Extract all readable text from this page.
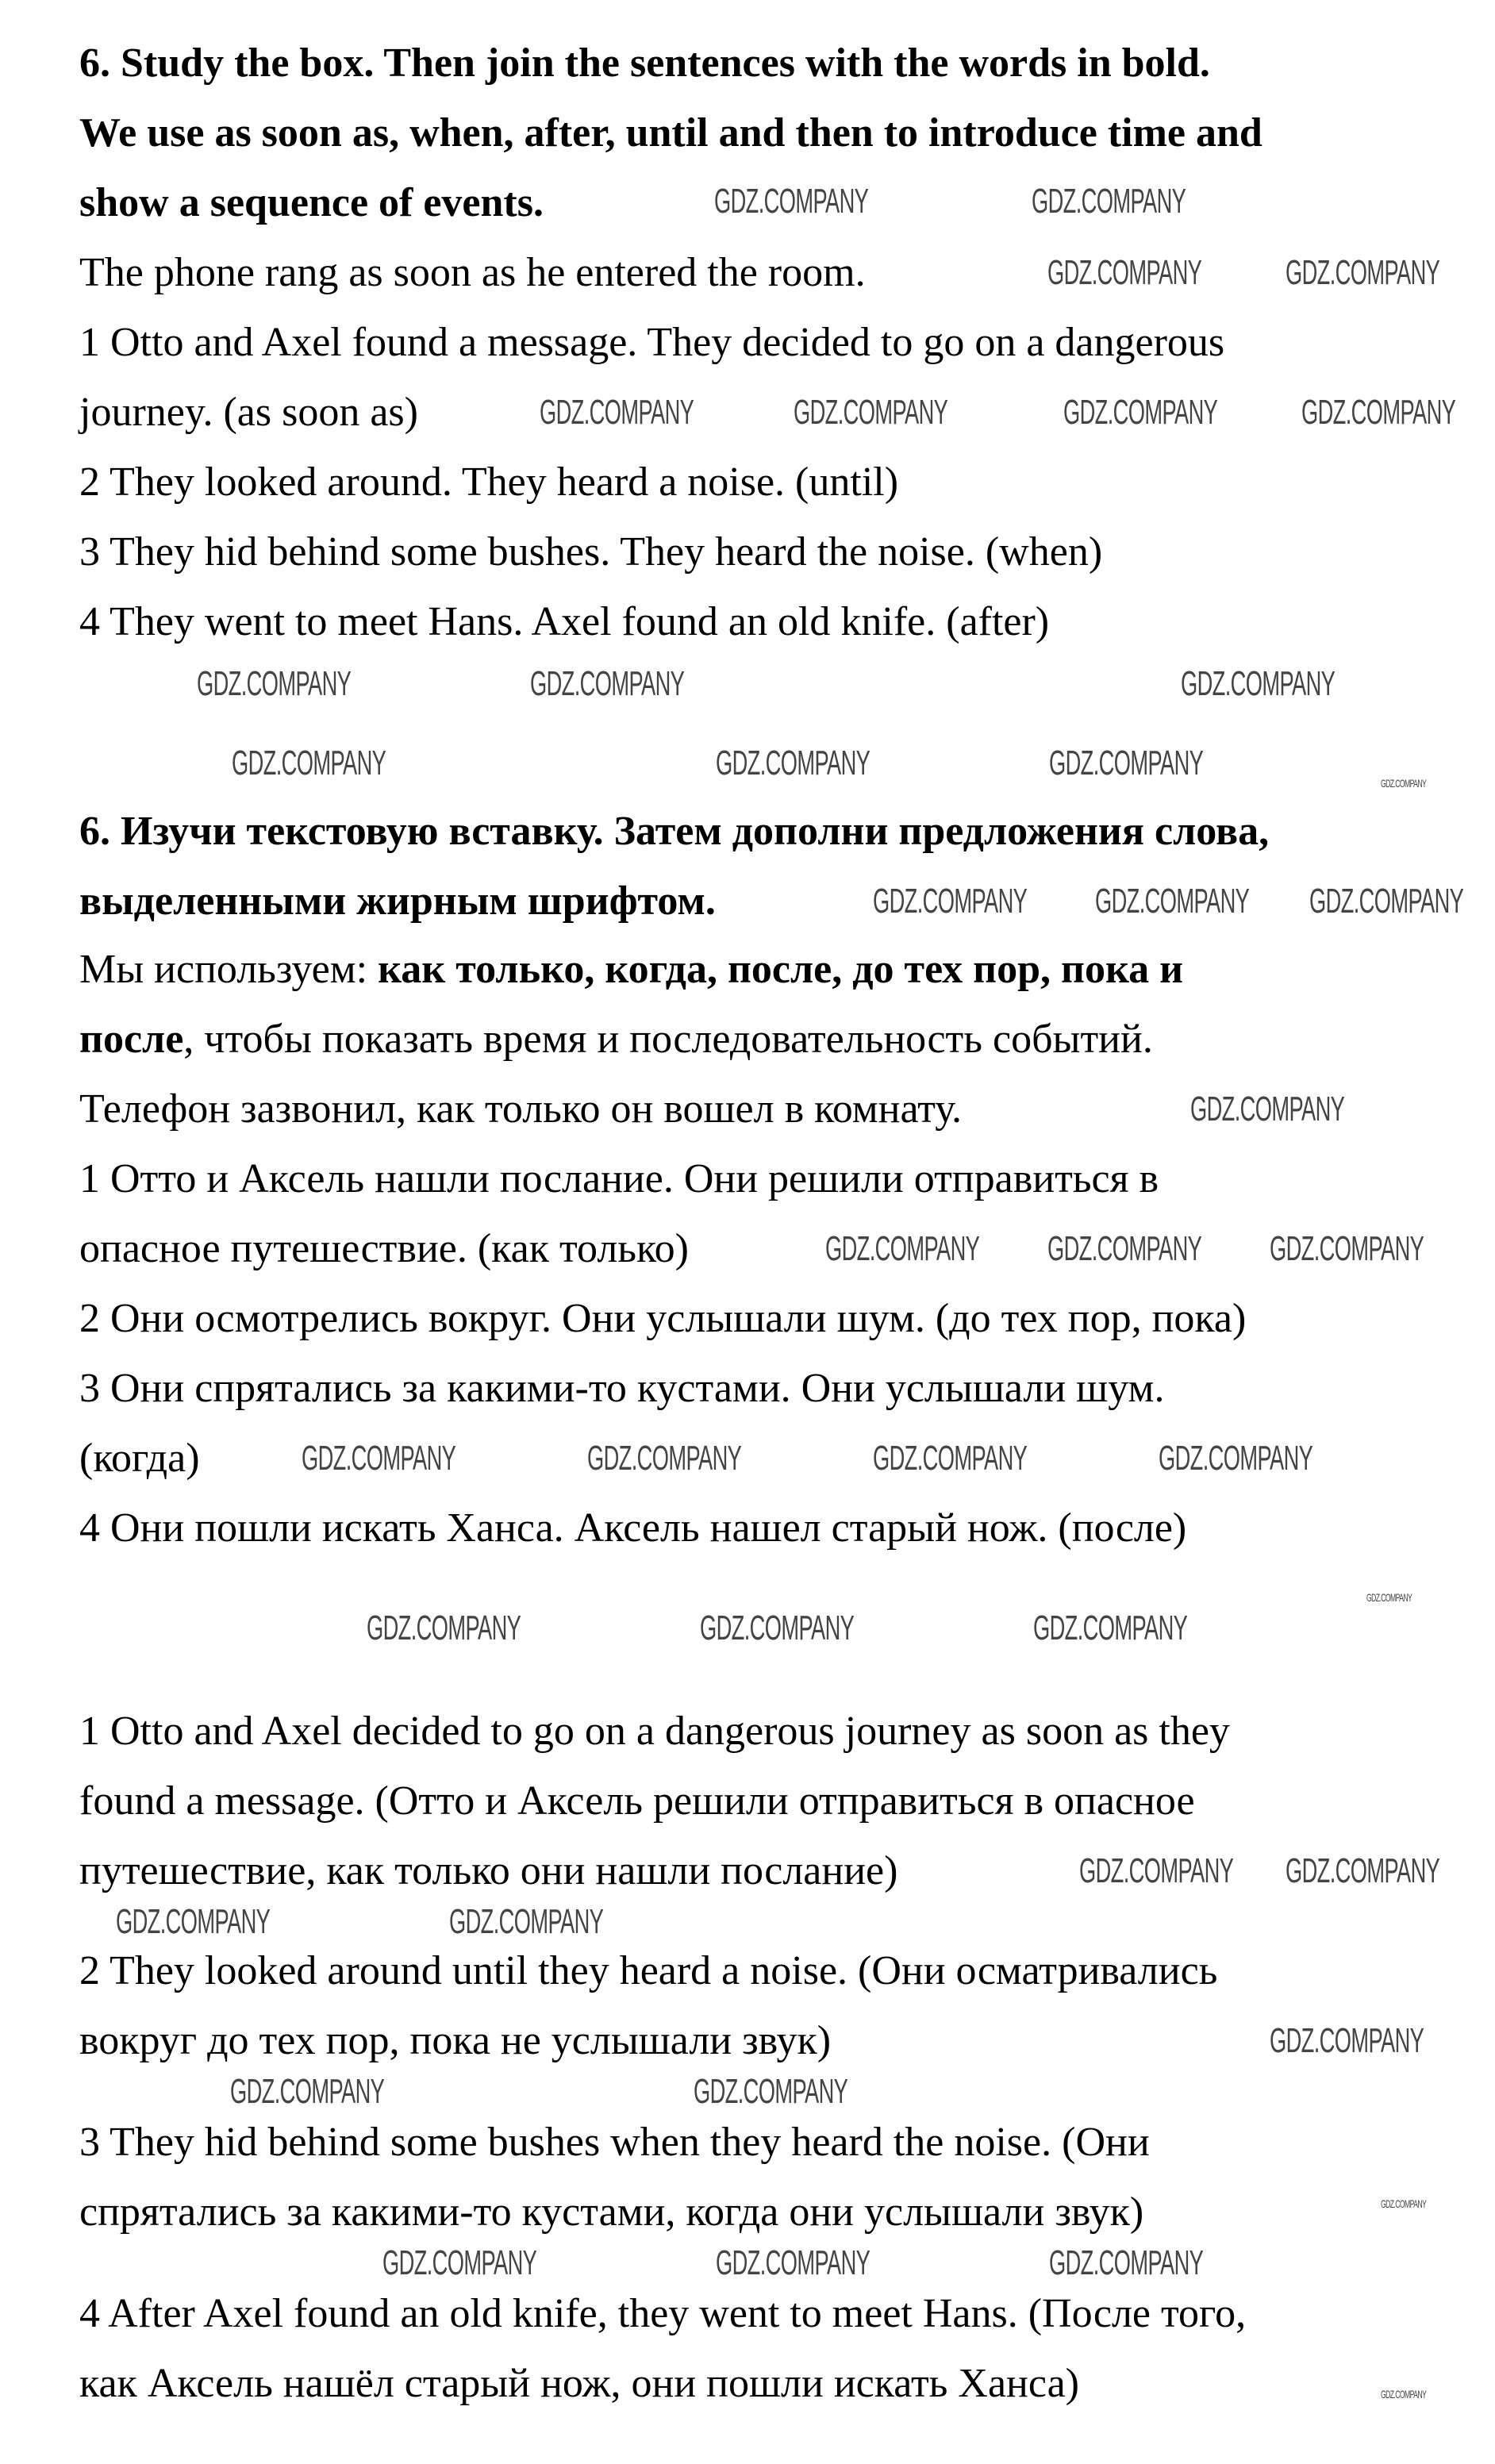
6. Study the box. Then join the sentences with the words in bold.
We use as soon as, when, after, until and then to introduce time and
show a sequence of events.
The phone rang as soon as he entered the room.
1 Otto and Axel found a message. They decided to go on a dangerous
journey. (as soon as)
2 They looked around. They heard a noise. (until)
3 They hid behind some bushes. They heard the noise. (when)
4 They went to meet Hans. Axel found an old knife. (after)
6. Изучи текстовую вставку. Затем дополни предложения слова,
выделенными жирным шрифтом.
Мы используем: как только, когда, после, до тех пор, пока и
после, чтобы показать время и последовательность событий.
Телефон зазвонил, как только он вошел в комнату.
1 Отто и Аксель нашли послание. Они решили отправиться в
опасное путешествие. (как только)
2 Они осмотрелись вокруг. Они услышали шум. (до тех пор, пока)
3 Они спрятались за какими-то кустами. Они услышали шум.
(когда)
4 Они пошли искать Ханса. Аксель нашел старый нож. (после)
1 Otto and Axel decided to go on a dangerous journey as soon as they
found a message. (Отто и Аксель решили отправиться в опасное
путешествие, как только они нашли послание)
2 They looked around until they heard a noise. (Они осматривались
вокруг до тех пор, пока не услышали звук)
3 They hid behind some bushes when they heard the noise. (Они
спрятались за какими-то кустами, когда они услышали звук)
4 After Axel found an old knife, they went to meet Hans. (После того,
как Аксель нашёл старый нож, они пошли искать Ханса)
GDZ.COMPANY	GDZ.COMPANY
GDZ.COMPANY GDZ.COMPANY
GDZ.COMPANY	GDZ.COMPANY	GDZ.COMPANY GDZ.COMPANY
GDZ.COMPANY	GDZ.COMPANY	GDZ.COMPANY
GDZ.COMPANY	GDZ.COMPANY	GDZ.COMPANY
GDZ.COMPANY GDZ.COMPANY GDZ.COMPANY
GDZ.COMPANY
GDZ.COMPANY GDZ.COMPANY GDZ.COMPANY
GDZ.COMPANY	GDZ.COMPANY	GDZ.COMPANY	GDZ.COMPANY
GDZ.COMPANY	GDZ.COMPANY	GDZ.COMPANY
GDZ.COMPANY	GDZ.COMPANY
GDZ.COMPANY GDZ.COMPANY
GDZ.COMPANY
GDZ.COMPANY	GDZ.COMPANY
GDZ.COMPANY	GDZ.COMPANY	GDZ.COMPANY
GDZ.COMPANY
GDZ.COMPANY
GDZ.COMPANY
GDZ.COMPANY
